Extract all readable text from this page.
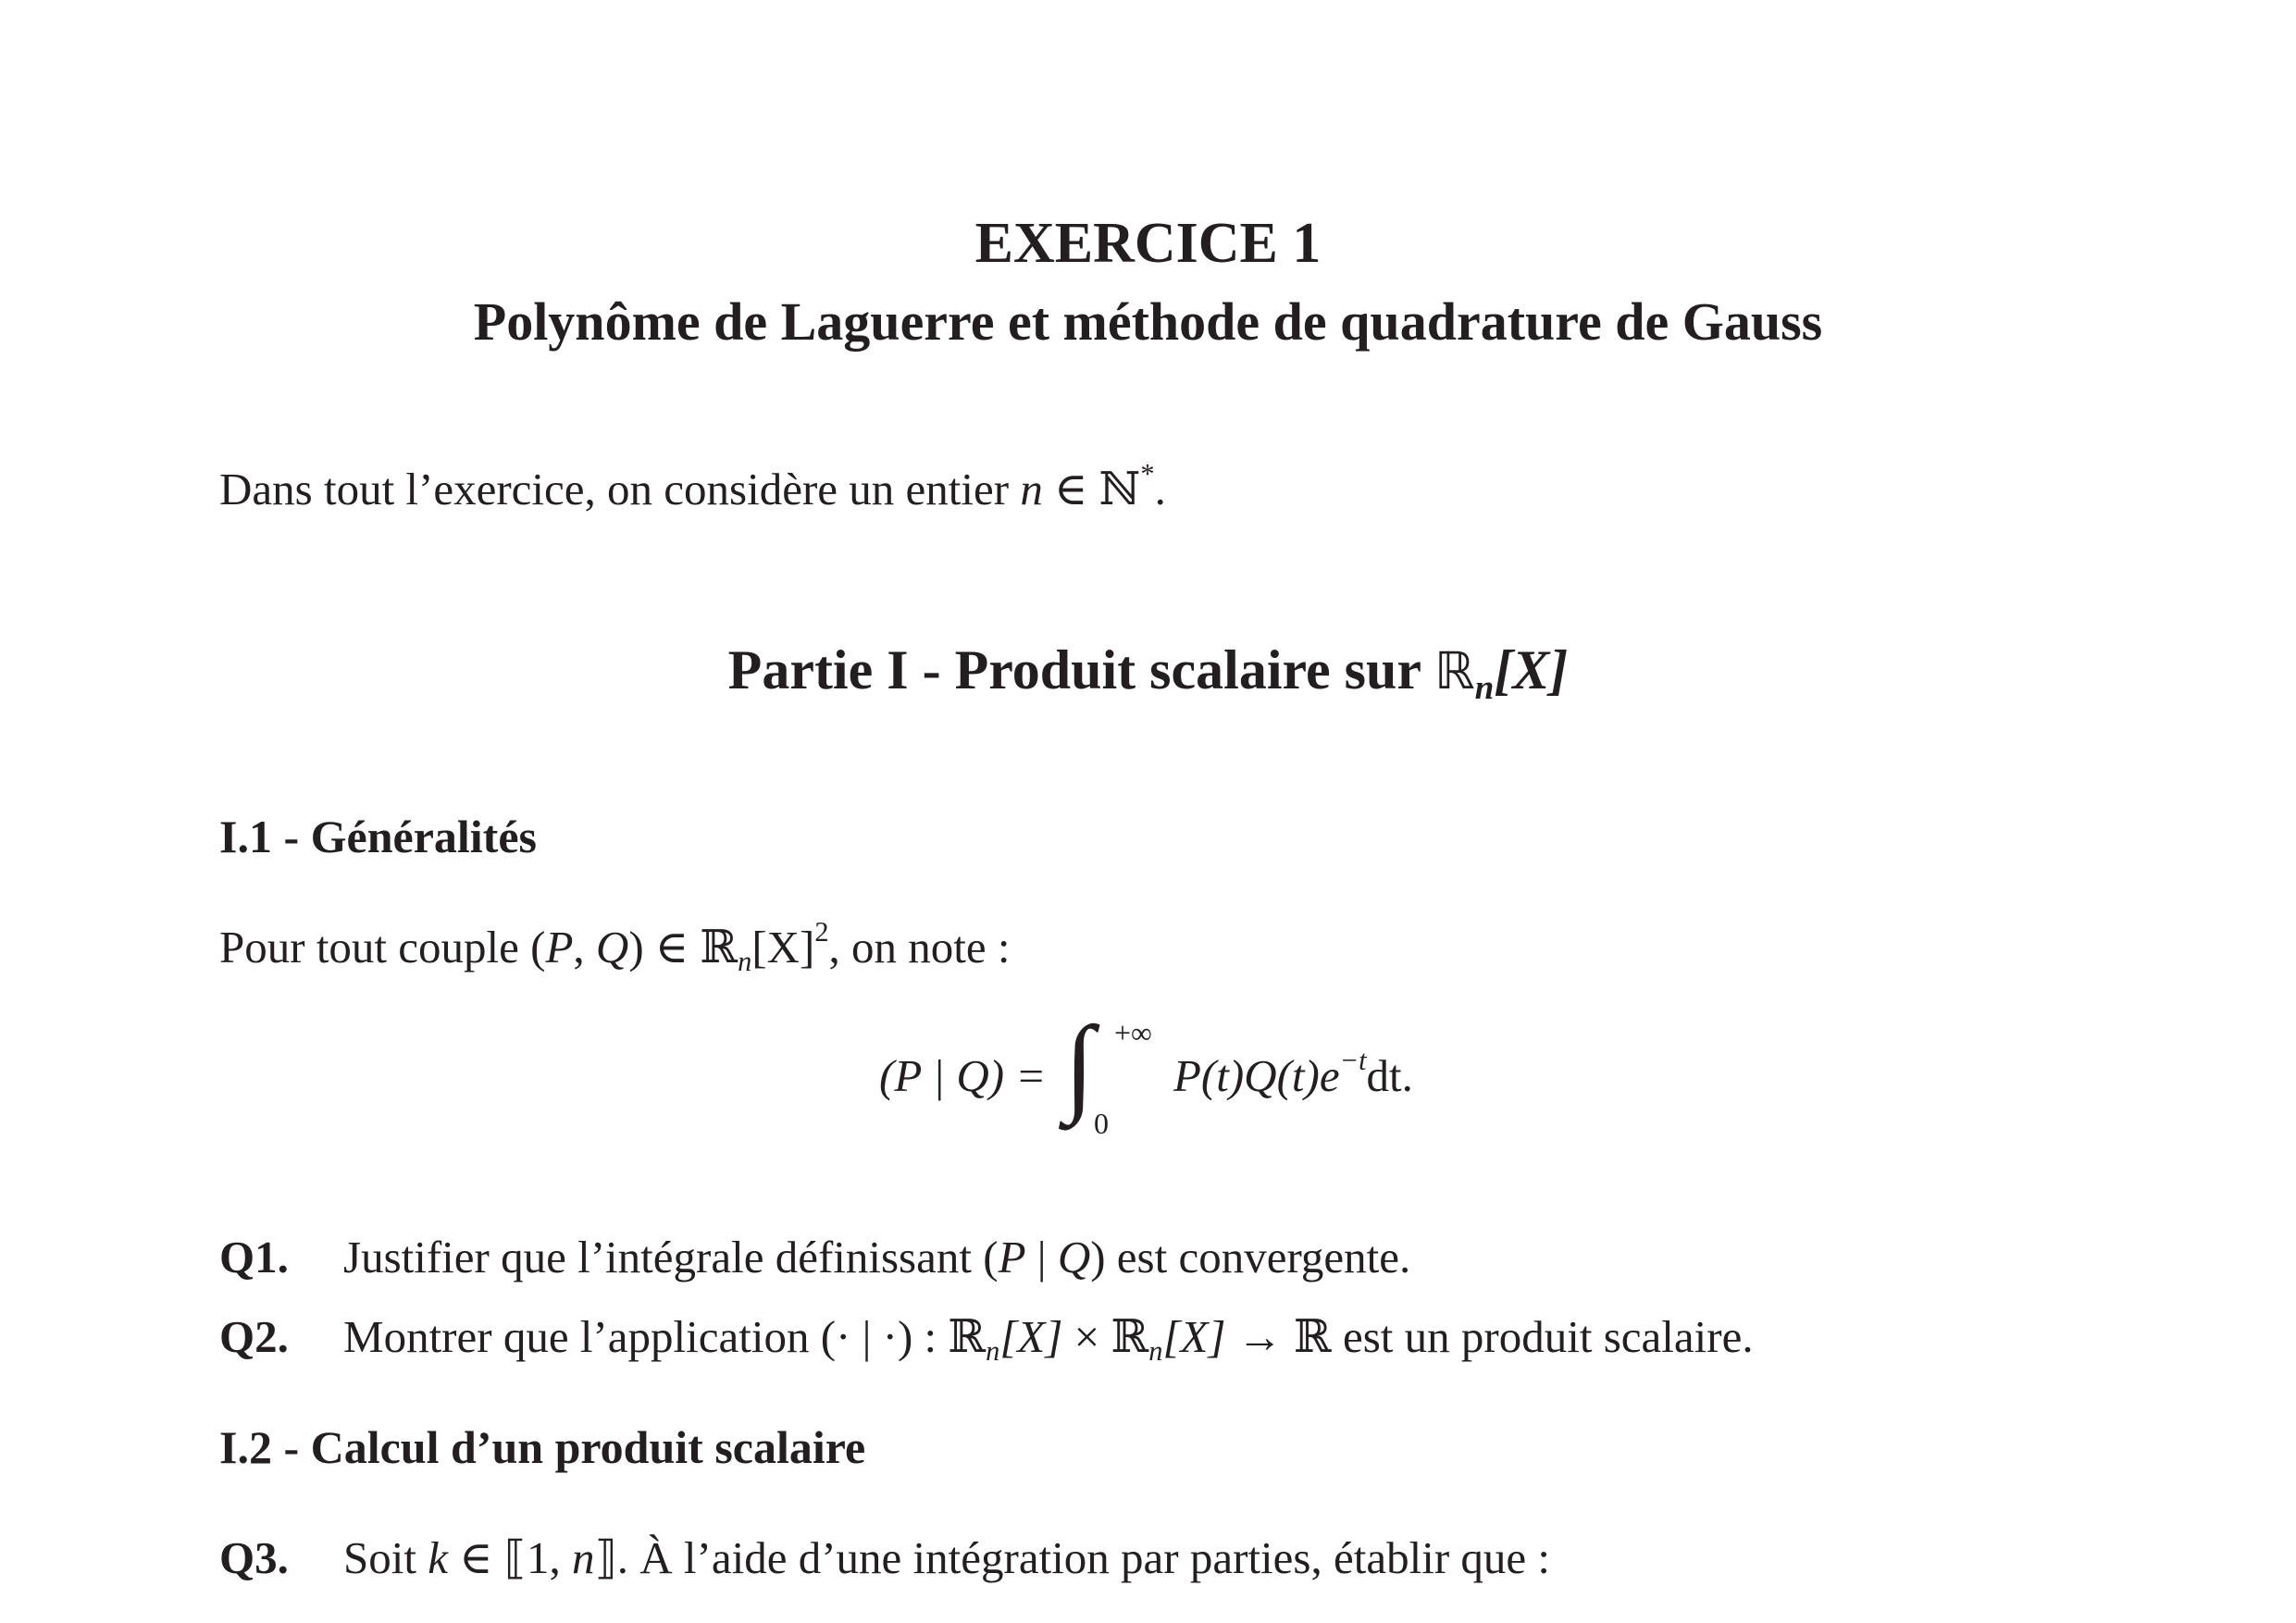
EXERCICE 1
Polynôme de Laguerre et méthode de quadrature de Gauss
Dans tout l’exercice, on considère un entier n ∈ ℕ*.
Partie I - Produit scalaire sur ℝ$_n$[X]
I.1 - Généralités
Pour tout couple (P, Q) ∈ $ℝ_n[X]^2$, on note :
(P | Q) = ∫ +∞
0
$P(t)Q(t)e^{-t}dt$.
Q1. Justifier que l’intégrale définissant (P | Q) est convergente.
Q2. Montrer que l’application (· | ·) : ℝ$_n$[X] × ℝ$_n$[X] → ℝ est un produit scalaire.
I.2 - Calcul d’un produit scalaire
Q3. Soit k ∈ ⟦1, n⟧. À l’aide d’une intégration par parties, établir que :
